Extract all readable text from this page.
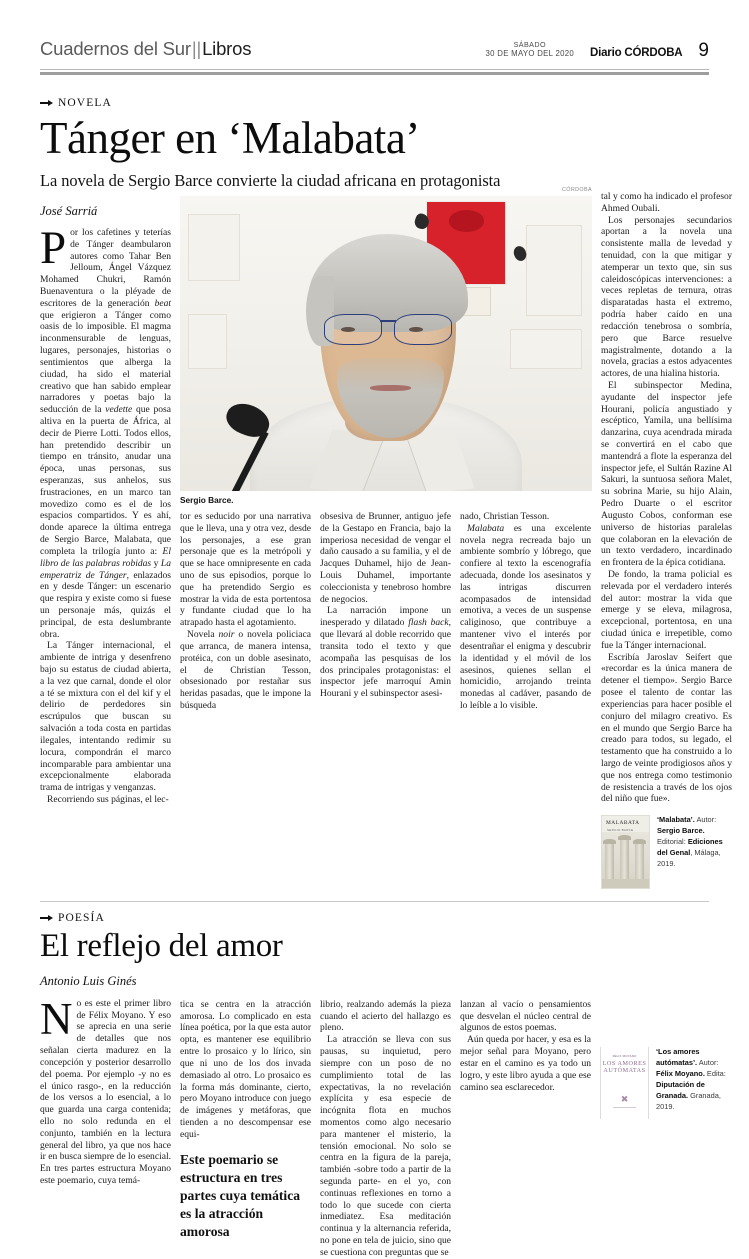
Cuadernos del Sur||Libros	SÁBADO
30 DE MAYO DEL 2020 Diario CÓRDOBA 9
NOVELA
Tánger en ‘Malabata’
La novela de Sergio Barce convierte la ciudad africana en protagonista
José Sarriá

Por los cafetines y teterías de Tánger deambularon autores como Tahar Ben Jelloum, Ángel Vázquez Mohamed Chukri, Ramón Buenaventura o la pléyade de escritores de la generación beat que erigieron a Tánger como oasis de lo imposible. El magma inconmensurable de lenguas, lugares, personajes, historias o sentimientos que alberga la ciudad, ha sido el material creativo que han sabido emplear narradores y poetas bajo la seducción de la vedette que posa altiva en la puerta de África, al decir de Pierre Lotti. Todos ellos, han pretendido describir un tiempo en tránsito, anudar una época, unas personas, sus esperanzas, sus anhelos, sus frustraciones, en un marco tan movedizo como es el de los espacios compartidos. Y es ahí, donde aparece la última entrega de Sergio Barce, Malabata, que completa la trilogía junto a: El libro de las palabras robidas y La emperatriz de Tánger, enlazados en y desde Tánger: un escenario que respira y existe como si fuese un personaje más, quizás el principal, de esta deslumbrante obra.

La Tánger internacional, el ambiente de intriga y desenfreno bajo su estatus de ciudad abierta, a la vez que carnal, donde el olor a té se mixtura con el del kif y el delirio de perdedores sin escrúpulos que buscan su salvación a toda costa en partidas ilegales, intentando redimir su locura, compondrán el marco incomparable para ambientar una excepcionalmente elaborada trama de intrigas y venganzas.

Recorriendo sus páginas, el lec-

CÓRDOBA
Sergio Barce.

tor es seducido por una narrativa que le lleva, una y otra vez, desde los personajes, a ese gran personaje que es la metrópoli y que se hace omnipresente en cada uno de sus episodios, porque lo que ha pretendido Sergio es mostrar la vida de esta portentosa y fundante ciudad que lo ha atrapado hasta el agotamiento.

Novela noir o novela policiaca que arranca, de manera intensa, protéica, con un doble asesinato, el de Christian Tesson, obsesionado por restañar sus heridas pasadas, que le impone la búsqueda

obsesiva de Brunner, antiguo jefe de la Gestapo en Francia, bajo la imperiosa necesidad de vengar el daño causado a su familia, y el de Jacques Duhamel, hijo de Jean-Louis Duhamel, importante coleccionista y tenebroso hombre de negocios.

La narración impone un inesperado y dilatado flash back, que llevará al doble recorrido que transita todo el texto y que acompaña las pesquisas de los dos principales protagonistas: el inspector jefe marroquí Amin Hourani y el subinspector asesi-

nado, Christian Tesson.

Malabata es una excelente novela negra recreada bajo un ambiente sombrío y lóbrego, que confiere al texto la escenografía adecuada, donde los asesinatos y las intrigas discurren acompasados de intensidad emotiva, a veces de un suspense caliginoso, que contribuye a mantener vivo el interés por desentrañar el enigma y descubrir la identidad y el móvil de los asesinos, quienes sellan el homicidio, arrojando treinta monedas al cadáver, pasando de lo leíble a lo visible.

tal y como ha indicado el profesor Ahmed Oubali.

Los personajes secundarios aportan a la novela una consistente malla de levedad y tenuidad, con la que mitigar y atemperar un texto que, sin sus caleidoscópicas intervenciones: a veces repletas de ternura, otras disparatadas hasta el extremo, podría haber caído en una redacción tenebrosa o sombría, pero que Barce resuelve magistralmente, dotando a la novela, gracias a estos adyacentes actores, de una hialina historia.

El subinspector Medina, ayudante del inspector jefe Hourani, policía angustiado y escéptico, Yamila, una bellísima danzarina, cuya acendrada mirada se convertirá en el cabo que mantendrá a flote la esperanza del inspector jefe, el Sultán Razine Al Sakuri, la suntuosa señora Malet, su sobrina Marie, su hijo Alain, Pedro Duarte o el escritor Augusto Cobos, conforman ese universo de historias paralelas que colaboran en la elevación de un texto verdadero, incardinado en frontera de la épica cotidiana.

De fondo, la trama policial es relevada por el verdadero interés del autor: mostrar la vida que emerge y se eleva, milagrosa, excepcional, portentosa, en una ciudad única e irrepetible, como fue la Tánger internacional.

Escribía Jaroslav Seifert que «recordar es la única manera de detener el tiempo». Sergio Barce posee el talento de contar las experiencias para hacer posible el conjuro del milagro creativo. Es en el mundo que Sergio Barce ha creado para todos, su legado, el testamento que ha construido a lo largo de veinte prodigiosos años y que nos entrega como testimonio de resistencia a través de los ojos del niño que fue».

MALABATA
SERGIO BARCE
‘Malabata’. Autor: Sergio Barce. Editorial: Ediciones del Genal, Málaga, 2019.
POESÍA
El reflejo del amor
Antonio Luis Ginés

No es este el primer libro de Félix Moyano. Y eso se aprecia en una serie de detalles que nos señalan cierta madurez en la concepción y posterior desarrollo del poema. Por ejemplo -y no es el único rasgo-, en la reducción de los versos a lo esencial, a lo que guarda una carga contenida; ello no solo redunda en el conjunto, también en la lectura general del libro, ya que nos hace ir en busca siempre de lo esencial. En tres partes estructura Moyano este poemario, cuya temá-

tica se centra en la atracción amorosa. Lo complicado en esta línea poética, por la que esta autor opta, es mantener ese equilibrio entre lo prosaico y lo lírico, sin que ni uno de los dos invada demasiado al otro. Lo prosaico es la forma más dominante, cierto, pero Moyano introduce con juego de imágenes y metáforas, que tienden a no descompensar ese equi-

Este poemario se estructura en tres partes cuya temática es la atracción amorosa

librio, realzando además la pieza cuando el acierto del hallazgo es pleno.

La atracción se lleva con sus pausas, su inquietud, pero siempre con un poso de no cumplimiento total de las expectativas, la no revelación explícita y esa especie de incógnita flota en muchos momentos como algo necesario para mantener el misterio, la tensión emocional. No solo se centra en la figura de la pareja, también -sobre todo a partir de la segunda parte- en el yo, con continuas reflexiones en torno a todo lo que sucede con cierta inmediatez. Esa meditación continua y la alternancia referida, no pone en tela de juicio, sino que se cuestiona con preguntas que se

lanzan al vacío o pensamientos que desvelan el núcleo central de algunos de estos poemas.

Aún queda por hacer, y esa es la mejor señal para Moyano, pero estar en el camino es ya todo un logro, y este libro ayuda a que ese camino sea esclarecedor.

FÉLIX MOYANO
LOS AMORES AUTÓMATAS
✖
‘Los amores autómatas’. Autor: Félix Moyano. Edita: Diputación de Granada. Granada, 2019.
